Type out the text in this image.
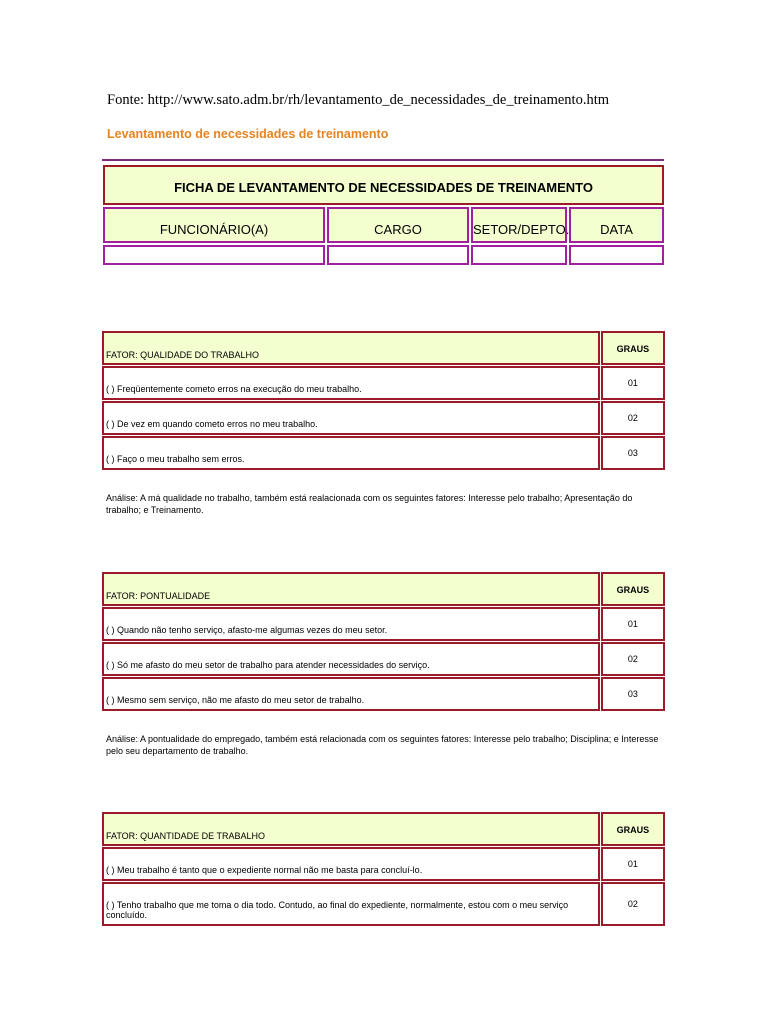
Fonte: http://www.sato.adm.br/rh/levantamento_de_necessidades_de_treinamento.htm
Levantamento de necessidades de treinamento
FICHA DE LEVANTAMENTO DE NECESSIDADES DE TREINAMENTO			
FUNCIONÁRIO(A)	CARGO	SETOR/DEPTO.	DATA

FATOR: QUALIDADE DO TRABALHO	GRAUS
( ) Freqüentemente cometo erros na execução do meu trabalho.	01
( ) De vez em quando cometo erros no meu trabalho.	02
( ) Faço o meu trabalho sem erros.	03
Análise: A má qualidade no trabalho, também está realacionada com os seguintes fatores: Interesse pelo trabalho; Apresentação do trabalho; e Treinamento.
FATOR: PONTUALIDADE	GRAUS
( ) Quando não tenho serviço, afasto-me algumas vezes do meu setor.	01
( ) Só me afasto do meu setor de trabalho para atender necessidades do serviço.	02
( ) Mesmo sem serviço, não me afasto do meu setor de trabalho.	03
Análise: A pontualidade do empregado, também está relacionada com os seguintes fatores: Interesse pelo trabalho; Disciplina; e Interesse pelo seu departamento de trabalho.
FATOR: QUANTIDADE DE TRABALHO	GRAUS
( ) Meu trabalho é tanto que o expediente normal não me basta para concluí-lo.	01
( ) Tenho trabalho que me toma o dia todo. Contudo, ao final do expediente, normalmente, estou com o meu serviço concluído.	02
